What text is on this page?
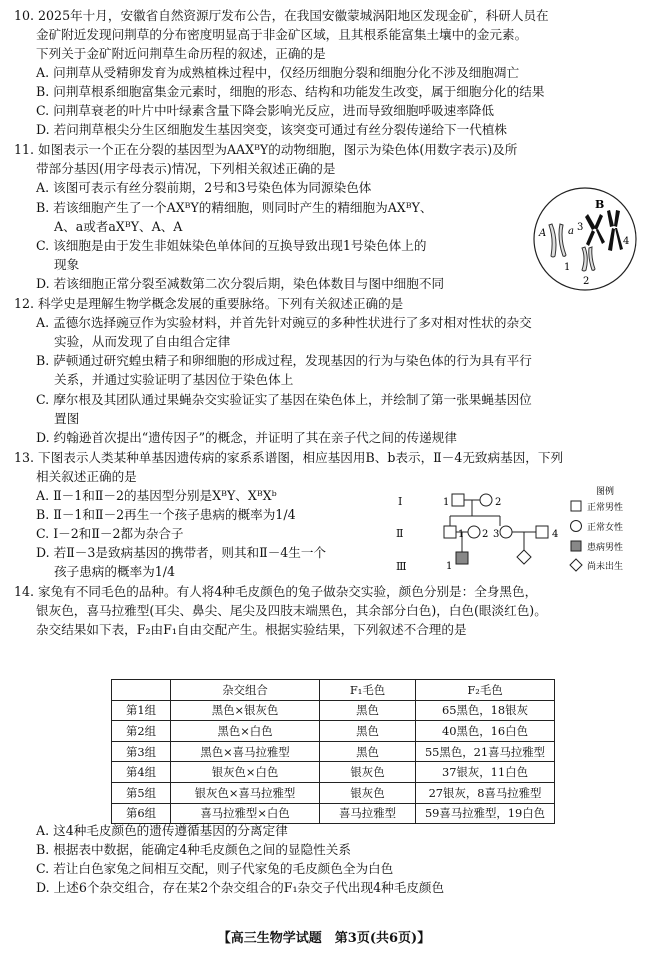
10. 2025年十月，安徽省自然资源厅发布公告，在我国安徽蒙城涡阳地区发现金矿，科研人员在
金矿附近发现问荆草的分布密度明显高于非金矿区域，且其根系能富集土壤中的金元素。
下列关于金矿附近问荆草生命历程的叙述，正确的是
A. 问荆草从受精卵发育为成熟植株过程中，仅经历细胞分裂和细胞分化不涉及细胞凋亡
B. 问荆草根系细胞富集金元素时，细胞的形态、结构和功能发生改变，属于细胞分化的结果
C. 问荆草衰老的叶片中叶绿素含量下降会影响光反应，进而导致细胞呼吸速率降低
D. 若问荆草根尖分生区细胞发生基因突变，该突变可通过有丝分裂传递给下一代植株
11. 如图表示一个正在分裂的基因型为AAXᴮY的动物细胞，图示为染色体(用数字表示)及所
带部分基因(用字母表示)情况，下列相关叙述正确的是
A. 该图可表示有丝分裂前期，2号和3号染色体为同源染色体
B. 若该细胞产生了一个AXᴮY的精细胞，则同时产生的精细胞为AXᴮY、
A、a或者aXᴮY、A、A
C. 该细胞是由于发生非姐妹染色单体间的互换导致出现1号染色体上的
现象
D. 若该细胞正常分裂至减数第二次分裂后期，染色体数目与图中细胞不同
A a
B
3
4
1
2
12. 科学史是理解生物学概念发展的重要脉络。下列有关叙述正确的是
A. 孟德尔选择豌豆作为实验材料，并首先针对豌豆的多种性状进行了多对相对性状的杂交
实验，从而发现了自由组合定律
B. 萨顿通过研究蝗虫精子和卵细胞的形成过程，发现基因的行为与染色体的行为具有平行
关系，并通过实验证明了基因位于染色体上
C. 摩尔根及其团队通过果蝇杂交实验证实了基因在染色体上，并绘制了第一张果蝇基因位
置图
D. 约翰逊首次提出“遗传因子”的概念，并证明了其在亲子代之间的传递规律
13. 下图表示人类某种单基因遗传病的家系系谱图，相应基因用B、b表示，Ⅱ－4无致病基因，下列
相关叙述正确的是
A. Ⅱ－1和Ⅱ－2的基因型分别是XᴮY、XᴮXᵇ
B. Ⅱ－1和Ⅱ－2再生一个孩子患病的概率为1/4
C. Ⅰ－2和Ⅱ－2都为杂合子
D. 若Ⅱ－3是致病基因的携带者，则其和Ⅱ－4生一个
孩子患病的概率为1/4
Ⅰ
Ⅱ
Ⅲ
1	2
1 2 3	4
1
图例
正常男性
正常女性
患病男性
尚未出生
14. 家兔有不同毛色的品种。有人将4种毛皮颜色的兔子做杂交实验，颜色分别是：全身黑色，
银灰色，喜马拉雅型(耳尖、鼻尖、尾尖及四肢末端黑色，其余部分白色)，白色(眼淡红色)。
杂交结果如下表，F₂由F₁自由交配产生。根据实验结果，下列叙述不合理的是
	杂交组合	F₁毛色	F₂毛色
第1组	黑色×银灰色	黑色	65黑色，18银灰
第2组	黑色×白色	黑色	40黑色，16白色
第3组	黑色×喜马拉雅型	黑色	55黑色，21喜马拉雅型
第4组	银灰色×白色	银灰色	37银灰，11白色
第5组	银灰色×喜马拉雅型	银灰色	27银灰，8喜马拉雅型
第6组	喜马拉雅型×白色	喜马拉雅型	59喜马拉雅型，19白色
A. 这4种毛皮颜色的遗传遵循基因的分离定律
B. 根据表中数据，能确定4种毛皮颜色之间的显隐性关系
C. 若让白色家兔之间相互交配，则子代家兔的毛皮颜色全为白色
D. 上述6个杂交组合，存在某2个杂交组合的F₁杂交子代出现4种毛皮颜色
【高三生物学试题　第3页(共6页)】
